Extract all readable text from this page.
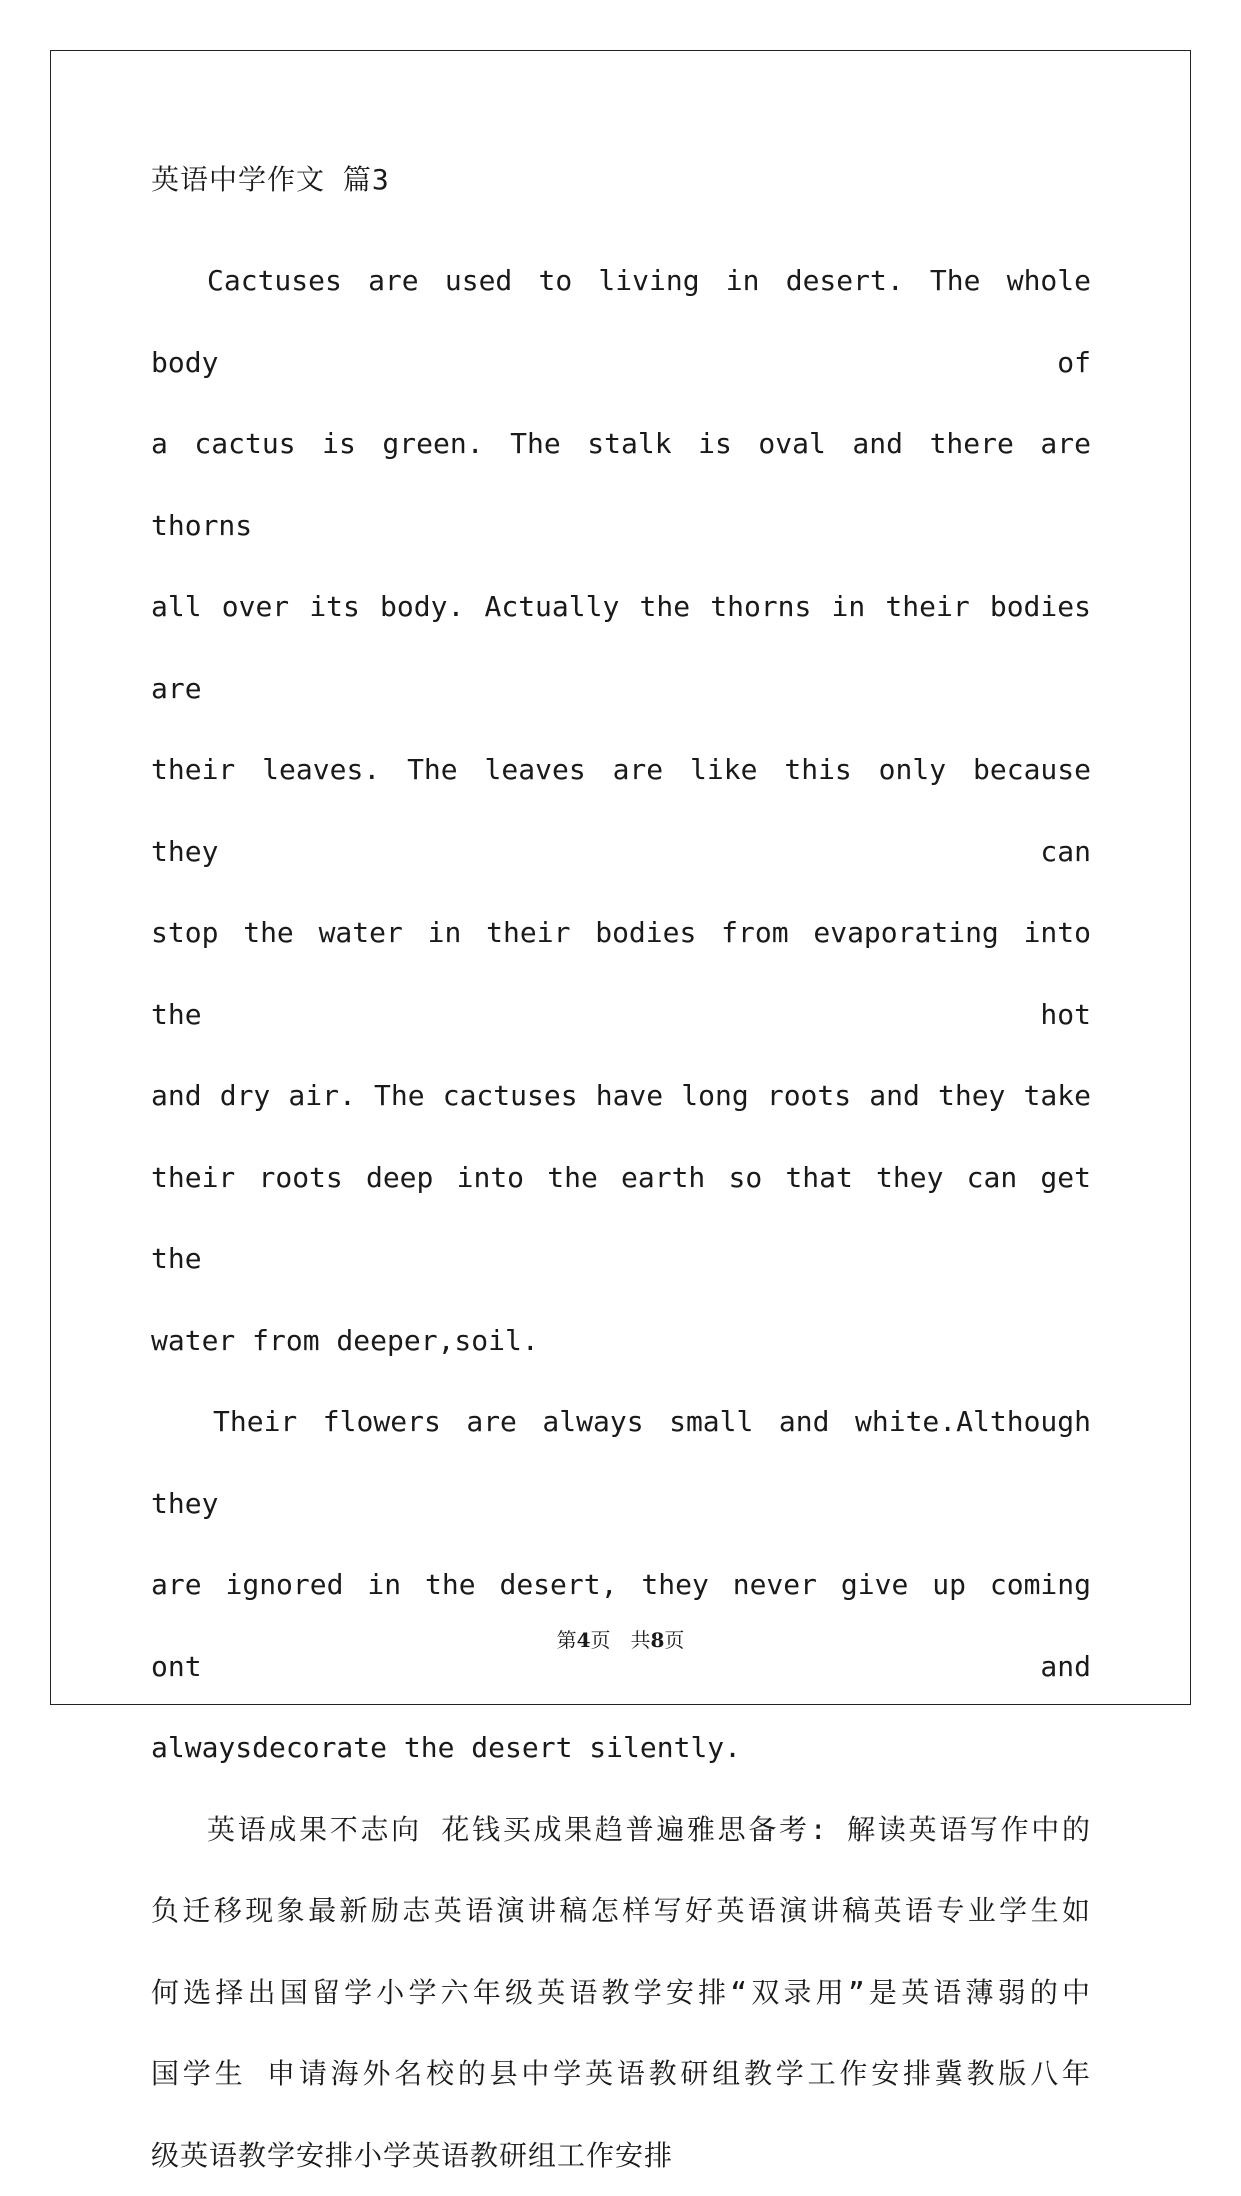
英语中学作文 篇3
Cactuses are used to living in desert. The whole body of
a cactus is green. The stalk is oval and there are thorns
all over its body. Actually the thorns in their bodies are
their leaves. The leaves are like this only because they can
stop the water in their bodies from evaporating into the hot
and dry air. The cactuses have long roots and they take
their roots deep into the earth so that they can get the
water from deeper,soil.
Their flowers are always small and white.Although they
are ignored in the desert, they never give up coming ont and
alwaysdecorate the desert silently.
英语成果不志向 花钱买成果趋普遍雅思备考: 解读英语写作中的
负迁移现象最新励志英语演讲稿怎样写好英语演讲稿英语专业学生如
何选择出国留学小学六年级英语教学安排“双录用”是英语薄弱的中
国学生 申请海外名校的县中学英语教研组教学工作安排冀教版八年
级英语教学安排小学英语教研组工作安排
第4页 共8页
